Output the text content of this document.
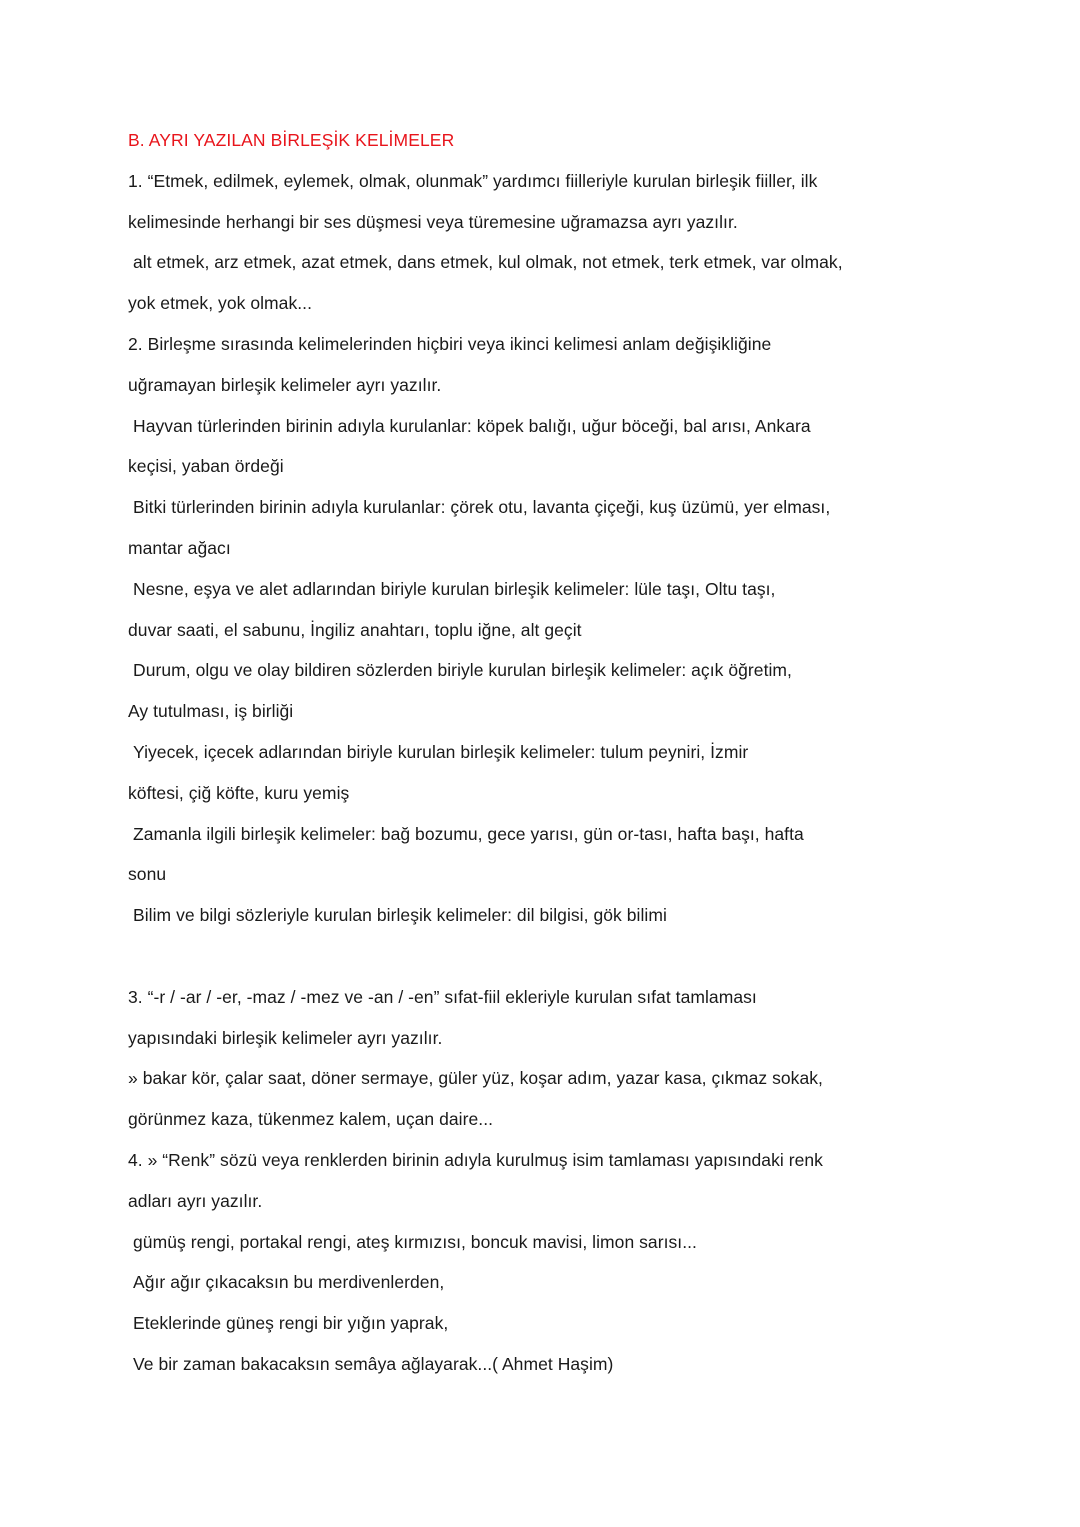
B. AYRI YAZILAN BİRLEŞİK KELİMELER

1. “Etmek, edilmek, eylemek, olmak, olunmak” yardımcı fiilleriyle kurulan birleşik fiiller, ilk

kelimesinde herhangi bir ses düşmesi veya türemesine uğramazsa ayrı yazılır.

alt etmek, arz etmek, azat etmek, dans etmek, kul olmak, not etmek, terk etmek, var olmak,

yok etmek, yok olmak...

2. Birleşme sırasında kelimelerinden hiçbiri veya ikinci kelimesi anlam değişikliğine

uğramayan birleşik kelimeler ayrı yazılır.

Hayvan türlerinden birinin adıyla kurulanlar: köpek balığı, uğur böceği, bal arısı, Ankara

keçisi, yaban ördeği

Bitki türlerinden birinin adıyla kurulanlar: çörek otu, lavanta çiçeği, kuş üzümü, yer elması,

mantar ağacı

Nesne, eşya ve alet adlarından biriyle kurulan birleşik kelimeler: lüle taşı, Oltu taşı,

duvar saati, el sabunu, İngiliz anahtarı, toplu iğne, alt geçit

Durum, olgu ve olay bildiren sözlerden biriyle kurulan birleşik kelimeler: açık öğretim,

Ay tutulması, iş birliği

Yiyecek, içecek adlarından biriyle kurulan birleşik kelimeler: tulum peyniri, İzmir

köftesi, çiğ köfte, kuru yemiş

Zamanla ilgili birleşik kelimeler: bağ bozumu, gece yarısı, gün or-tası, hafta başı, hafta

sonu

Bilim ve bilgi sözleriyle kurulan birleşik kelimeler: dil bilgisi, gök bilimi

3. “-r / -ar / -er, -maz / -mez ve -an / -en” sıfat-fiil ekleriyle kurulan sıfat tamlaması

yapısındaki birleşik kelimeler ayrı yazılır.

» bakar kör, çalar saat, döner sermaye, güler yüz, koşar adım, yazar kasa, çıkmaz sokak,

görünmez kaza, tükenmez kalem, uçan daire...

4. » “Renk” sözü veya renklerden birinin adıyla kurulmuş isim tamlaması yapısındaki renk

adları ayrı yazılır.

gümüş rengi, portakal rengi, ateş kırmızısı, boncuk mavisi, limon sarısı...

Ağır ağır çıkacaksın bu merdivenlerden,

Eteklerinde güneş rengi bir yığın yaprak,

Ve bir zaman bakacaksın semâya ağlayarak...( Ahmet Haşim)
